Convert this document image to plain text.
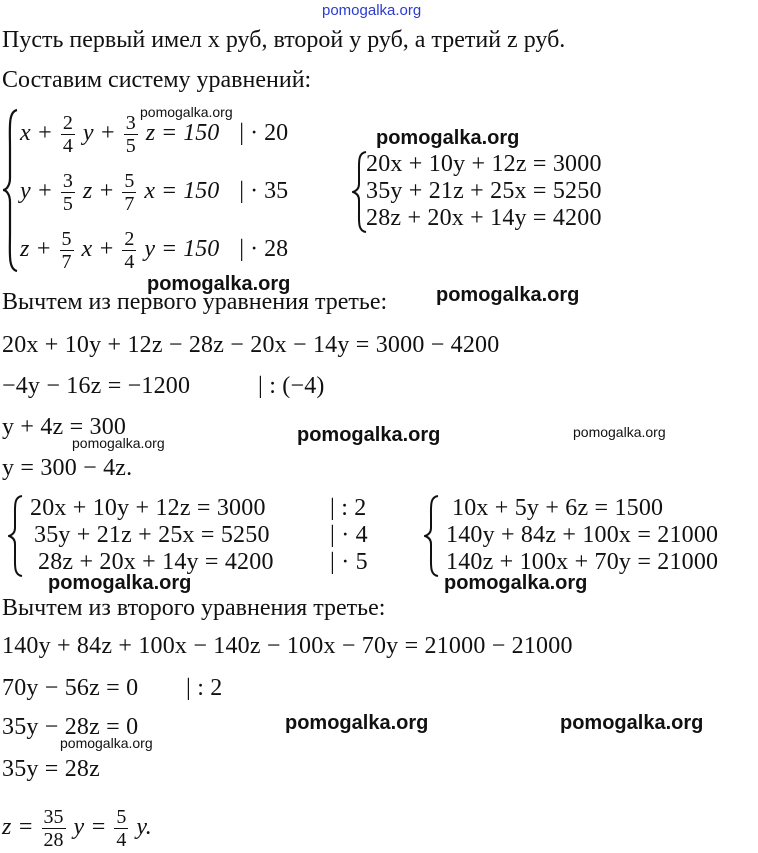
pomogalka.org
Пусть первый имел x руб, второй y руб, а третий z руб.
Составим систему уравнений:
$x + \frac{2}{4}$ $y + \frac{3}{5}$ z = 150 | · 20
$y + \frac{3}{5}$ $z + \frac{5}{7}$ x = 150 | · 35
$z + \frac{5}{7}$ $x + \frac{2}{4}$ y = 150 | · 28
pomogalka.org
pomogalka.org
20x + 10y + 12z = 3000
35y + 21z + 25x = 5250
28z + 20x + 14y = 4200
pomogalka.org
Вычтем из первого уравнения третье: pomogalka.org
20x + 10y + 12z − 28z − 20x − 14y = 3000 − 4200
−4y − 16z = −1200	| : (−4)
y + 4z = 300
pomogalka.org	pomogalka.org	pomogalka.org
y = 300 − 4z.
20x + 10y + 12z = 3000
35y + 21z + 25x = 5250
28z + 20x + 14y = 4200
| : 2
| · 4
| · 5
10x + 5y + 6z = 1500
140y + 84z + 100x = 21000
140z + 100x + 70y = 21000
pomogalka.org	pomogalka.org
Вычтем из второго уравнения третье:
140y + 84z + 100x − 140z − 100x − 70y = 21000 − 21000
70y − 56z = 0 | : 2
35y − 28z = 0	pomogalka.org	pomogalka.org
pomogalka.org
35y = 28z
$z = \frac{35}{28}$ $y = \frac{5}{4} y$.
